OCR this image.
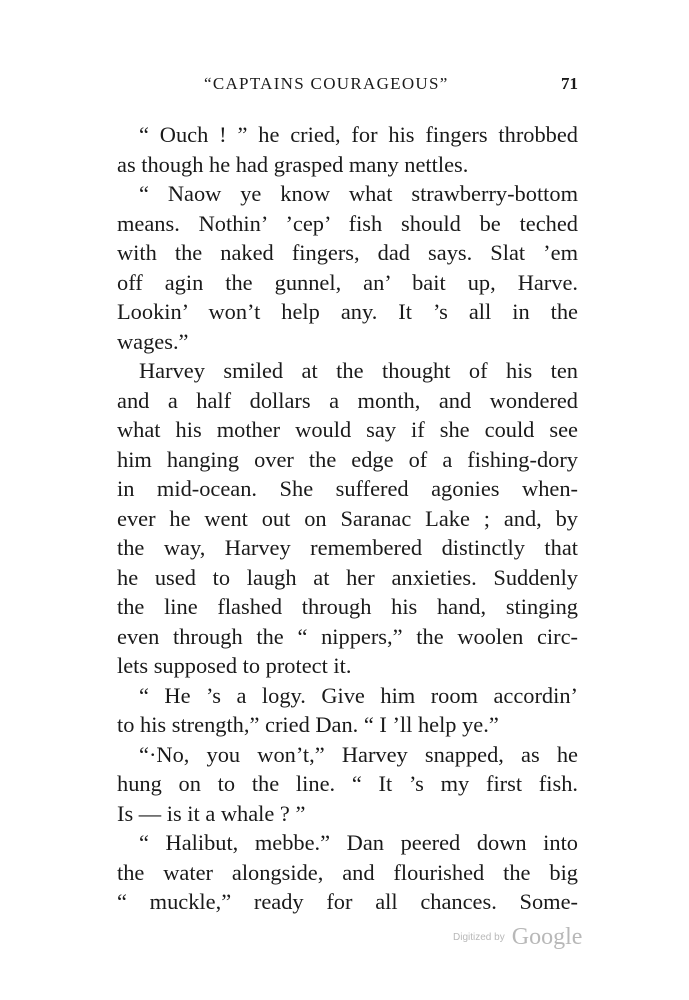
“CAPTAINS COURAGEOUS”	71
“ Ouch ! ” he cried, for his fingers throbbed
as though he had grasped many nettles.
“ Naow ye know what strawberry-bottom
means. Nothin’ ’cep’ fish should be teched
with the naked fingers, dad says. Slat ’em
off agin the gunnel, an’ bait up, Harve.
Lookin’ won’t help any. It ’s all in the
wages.”
Harvey smiled at the thought of his ten
and a half dollars a month, and wondered
what his mother would say if she could see
him hanging over the edge of a fishing-dory
in mid-ocean. She suffered agonies when-
ever he went out on Saranac Lake ; and, by
the way, Harvey remembered distinctly that
he used to laugh at her anxieties. Suddenly
the line flashed through his hand, stinging
even through the “ nippers,” the woolen circ-
lets supposed to protect it.
“ He ’s a logy. Give him room accordin’
to his strength,” cried Dan. “ I ’ll help ye.”
“·No, you won’t,” Harvey snapped, as he
hung on to the line. “ It ’s my first fish.
Is — is it a whale ? ”
“ Halibut, mebbe.” Dan peered down into
the water alongside, and flourished the big
“ muckle,” ready for all chances. Some-
$^{Digitized by}$ Google
